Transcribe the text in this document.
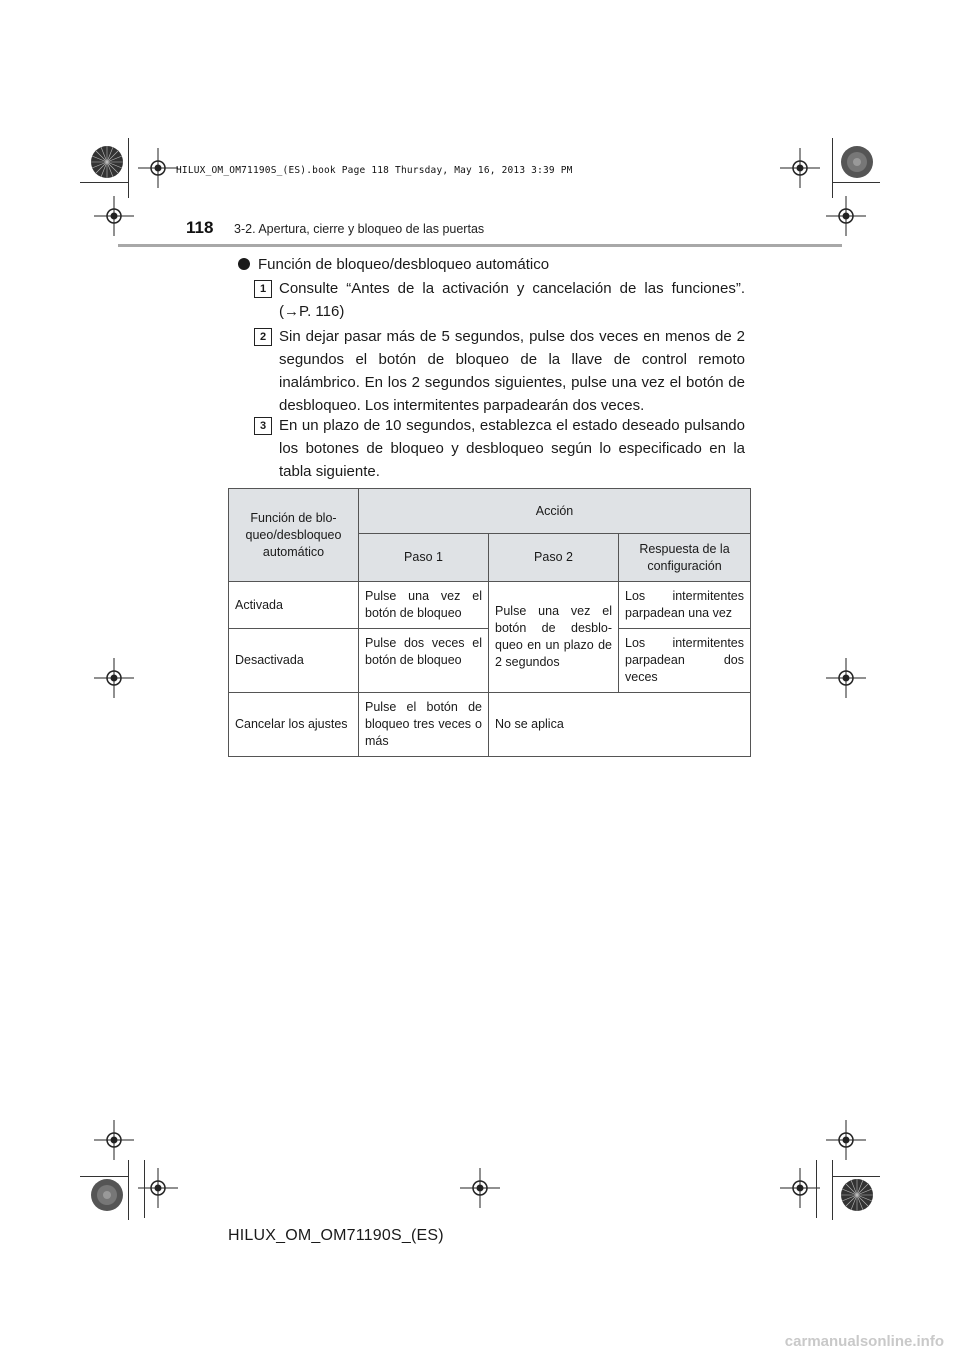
HILUX_OM_OM71190S_(ES).book Page 118 Thursday, May 16, 2013 3:39 PM
118 3-2. Apertura, cierre y bloqueo de las puertas
Función de bloqueo/desbloqueo automático
1 Consulte “Antes de la activación y cancelación de las funciones”. (→P. 116)
2 Sin dejar pasar más de 5 segundos, pulse dos veces en menos de 2 segundos el botón de bloqueo de la llave de control remoto inalámbrico. En los 2 segundos siguientes, pulse una vez el botón de desbloqueo. Los intermitentes parpadearán dos veces.
3 En un plazo de 10 segundos, establezca el estado deseado pulsando los botones de bloqueo y desbloqueo según lo especificado en la tabla siguiente.
Función de blo-queo/desbloqueo automático	Acción		
	Paso 1	Paso 2	Respuesta de la configuración
Activada	Pulse una vez el botón de bloqueo	Pulse una vez el botón de desblo-queo en un plazo de 2 segundos	Los intermitentes parpadean una vez
Desactivada	Pulse dos veces el botón de bloqueo		Los intermitentes parpadean dos veces
Cancelar los ajustes	Pulse el botón de bloqueo tres veces o más	No se aplica	
HILUX_OM_OM71190S_(ES)
carmanualsonline.info
